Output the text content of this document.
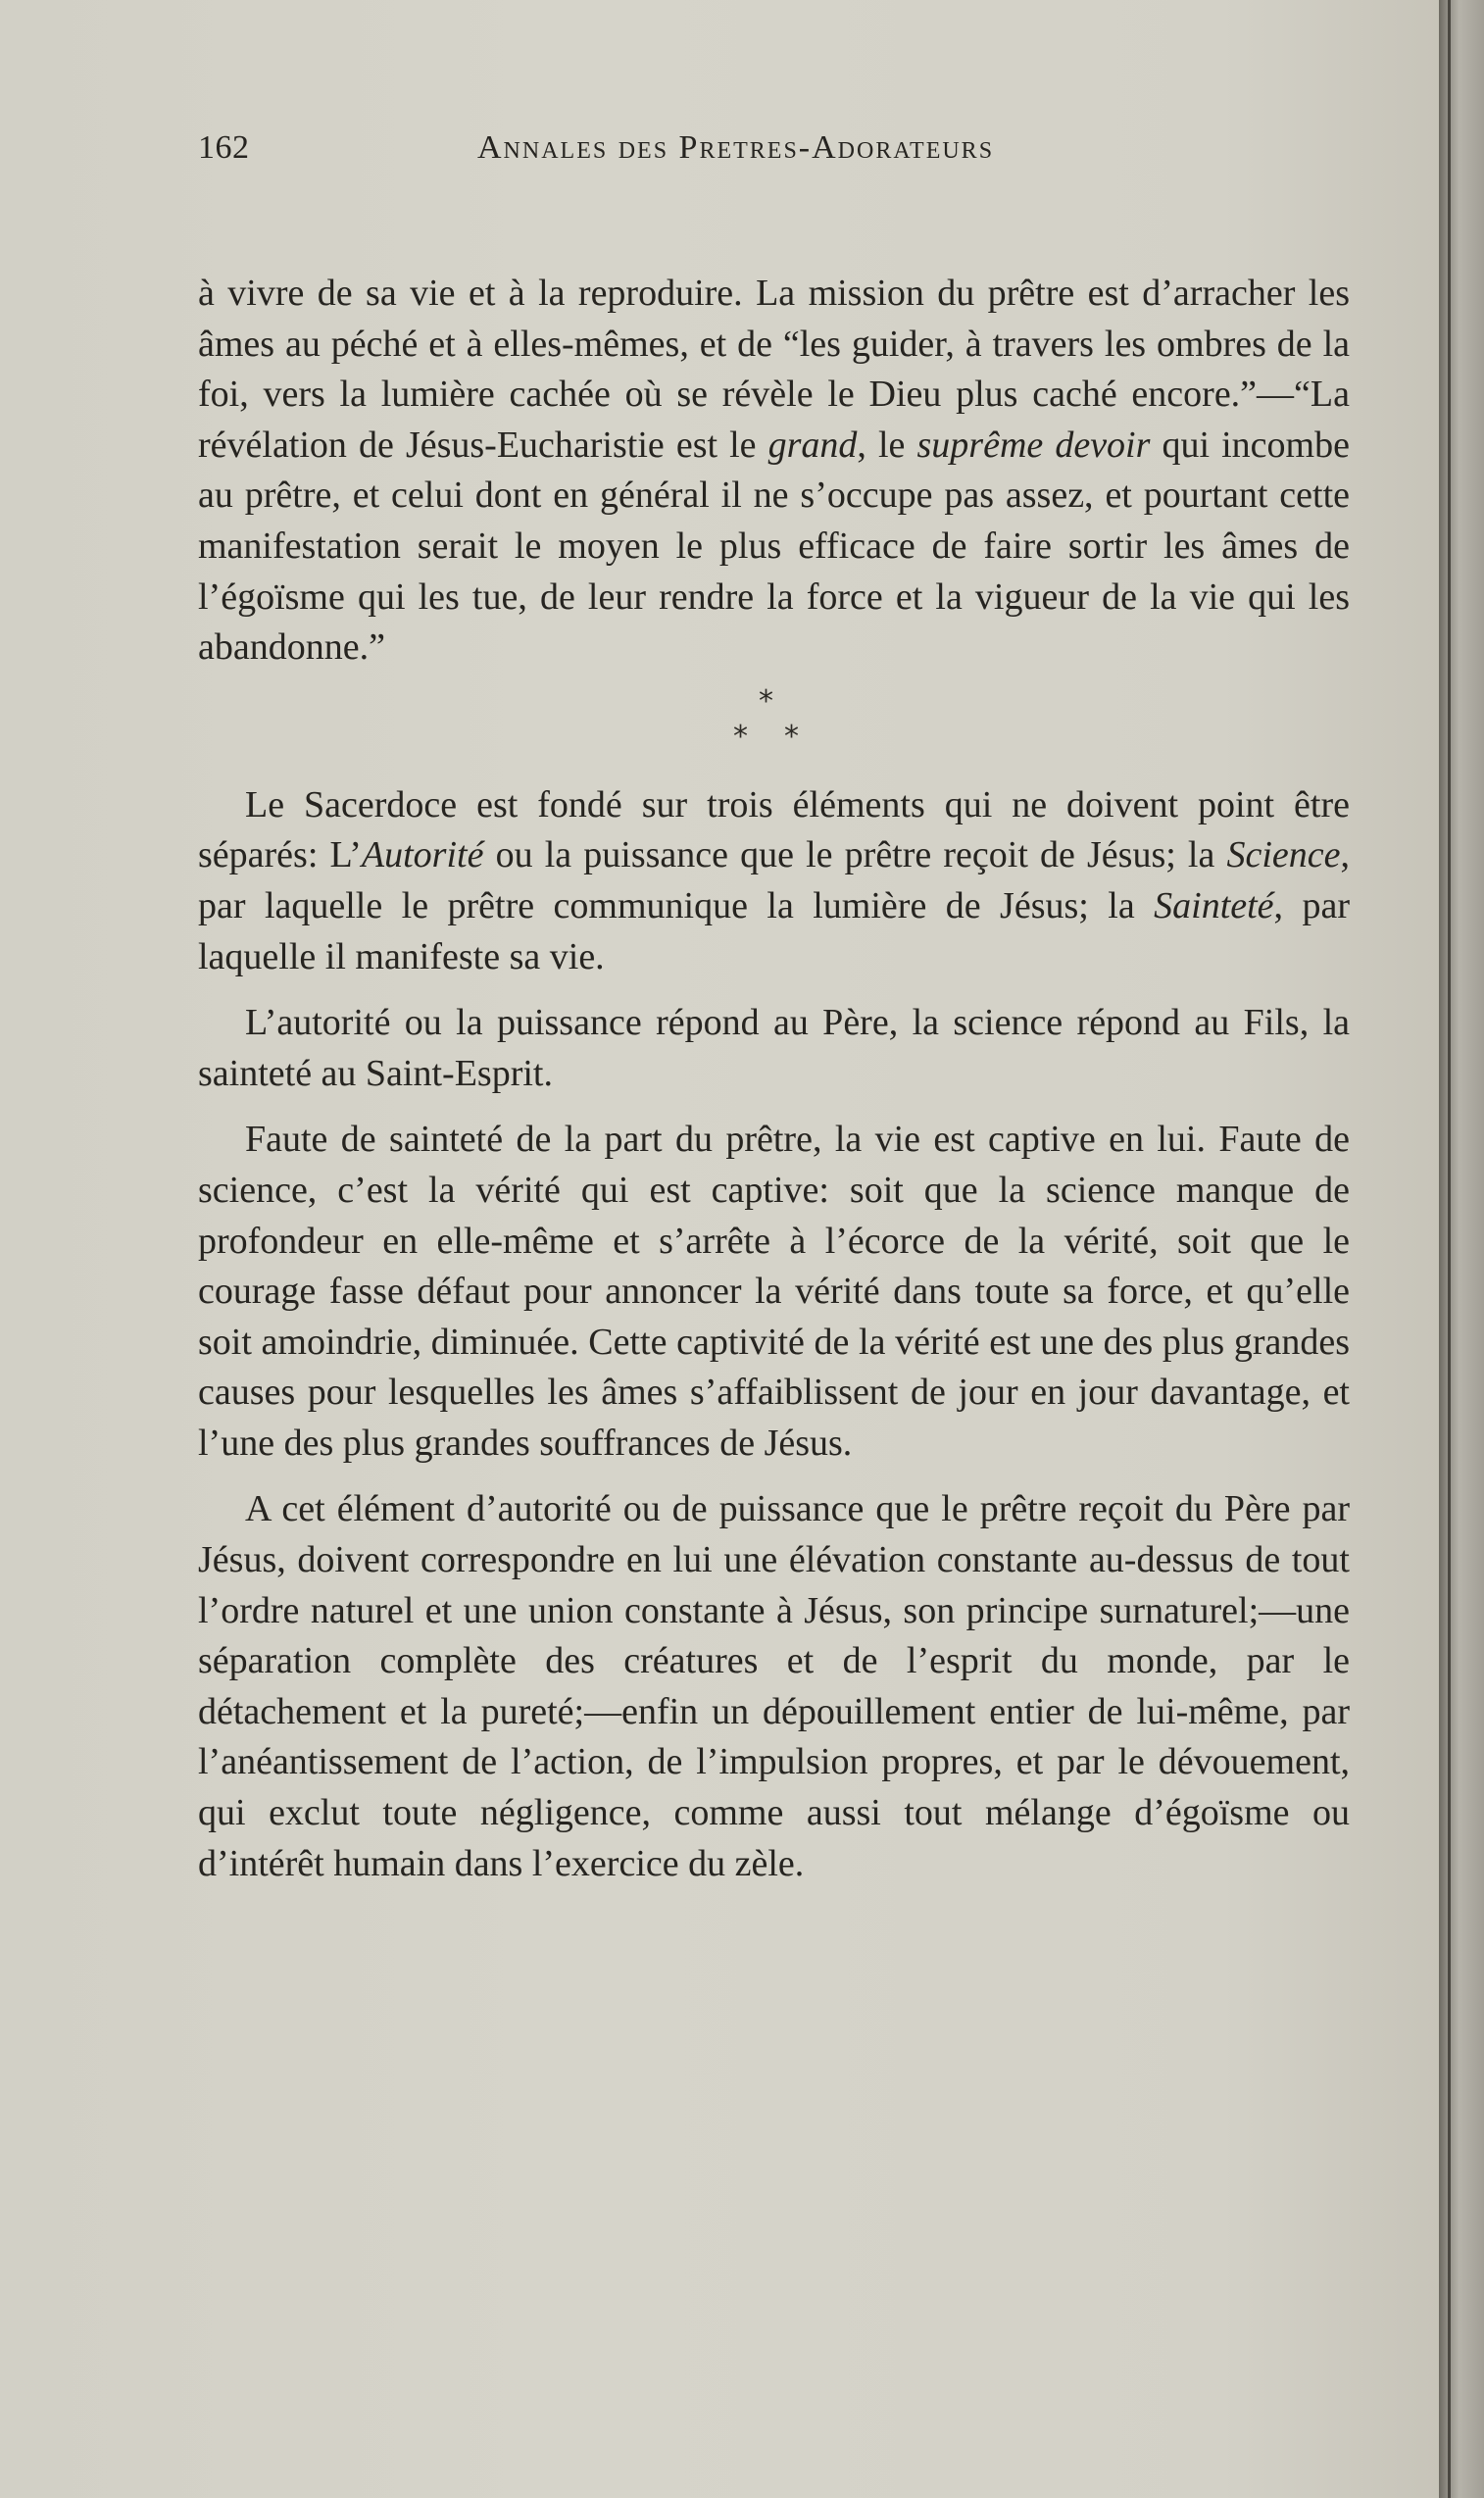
162	Annales des Pretres-Adorateurs

à vivre de sa vie et à la reproduire. La mission du prêtre est d’arracher les âmes au péché et à elles-mêmes, et de “les guider, à travers les ombres de la foi, vers la lumière cachée où se révèle le Dieu plus caché encore.”—“La révélation de Jésus-Eucharistie est le grand, le suprême devoir qui incombe au prêtre, et celui dont en général il ne s’occupe pas assez, et pourtant cette manifestation serait le moyen le plus efficace de faire sortir les âmes de l’égoïsme qui les tue, de leur rendre la force et la vigueur de la vie qui les abandonne.”

*
* *

Le Sacerdoce est fondé sur trois éléments qui ne doivent point être séparés: L’Autorité ou la puissance que le prêtre reçoit de Jésus; la Science, par laquelle le prêtre communique la lumière de Jésus; la Sainteté, par laquelle il manifeste sa vie.

L’autorité ou la puissance répond au Père, la science répond au Fils, la sainteté au Saint-Esprit.

Faute de sainteté de la part du prêtre, la vie est captive en lui. Faute de science, c’est la vérité qui est captive: soit que la science manque de profondeur en elle-même et s’arrête à l’écorce de la vérité, soit que le courage fasse défaut pour annoncer la vérité dans toute sa force, et qu’elle soit amoindrie, diminuée. Cette captivité de la vérité est une des plus grandes causes pour lesquelles les âmes s’affaiblissent de jour en jour davantage, et l’une des plus grandes souffrances de Jésus.

A cet élément d’autorité ou de puissance que le prêtre reçoit du Père par Jésus, doivent correspondre en lui une élévation constante au-dessus de tout l’ordre naturel et une union constante à Jésus, son principe surnaturel;—une séparation complète des créatures et de l’esprit du monde, par le détachement et la pureté;—enfin un dépouillement entier de lui-même, par l’anéantissement de l’action, de l’impulsion propres, et par le dévouement, qui exclut toute négligence, comme aussi tout mélange d’égoïsme ou d’intérêt humain dans l’exercice du zèle.
